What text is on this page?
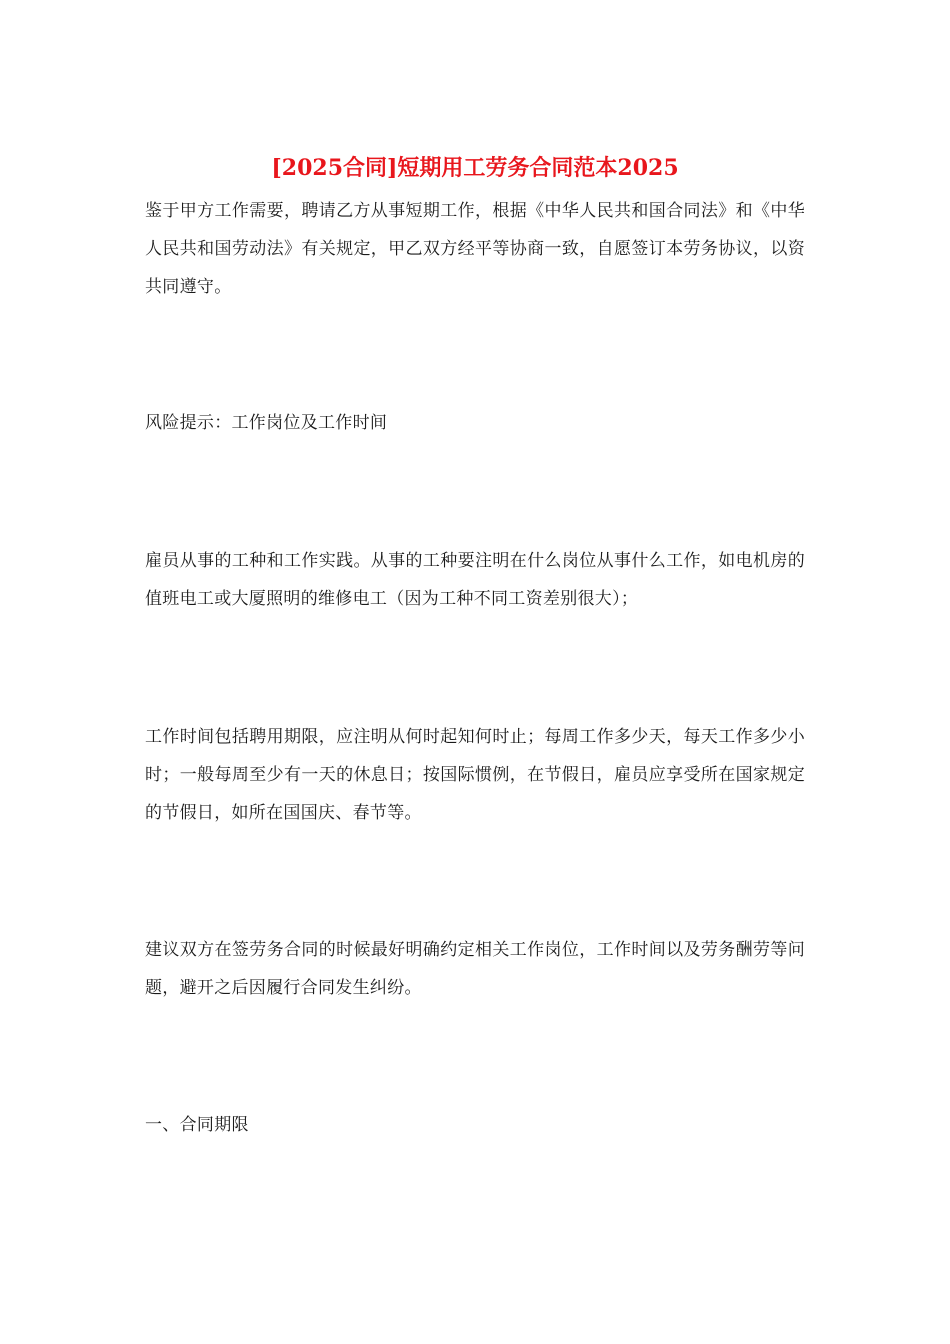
[2025合同]短期用工劳务合同范本2025

鉴于甲方工作需要，聘请乙方从事短期工作，根据《中华人民共和国合同法》和《中华人民共和国劳动法》有关规定，甲乙双方经平等协商一致，自愿签订本劳务协议，以资共同遵守。

风险提示：工作岗位及工作时间

雇员从事的工种和工作实践。从事的工种要注明在什么岗位从事什么工作，如电机房的值班电工或大厦照明的维修电工（因为工种不同工资差别很大）；

工作时间包括聘用期限，应注明从何时起知何时止；每周工作多少天，每天工作多少小时；一般每周至少有一天的休息日；按国际惯例，在节假日，雇员应享受所在国家规定的节假日，如所在国国庆、春节等。

建议双方在签劳务合同的时候最好明确约定相关工作岗位，工作时间以及劳务酬劳等问题，避开之后因履行合同发生纠纷。

一、合同期限
